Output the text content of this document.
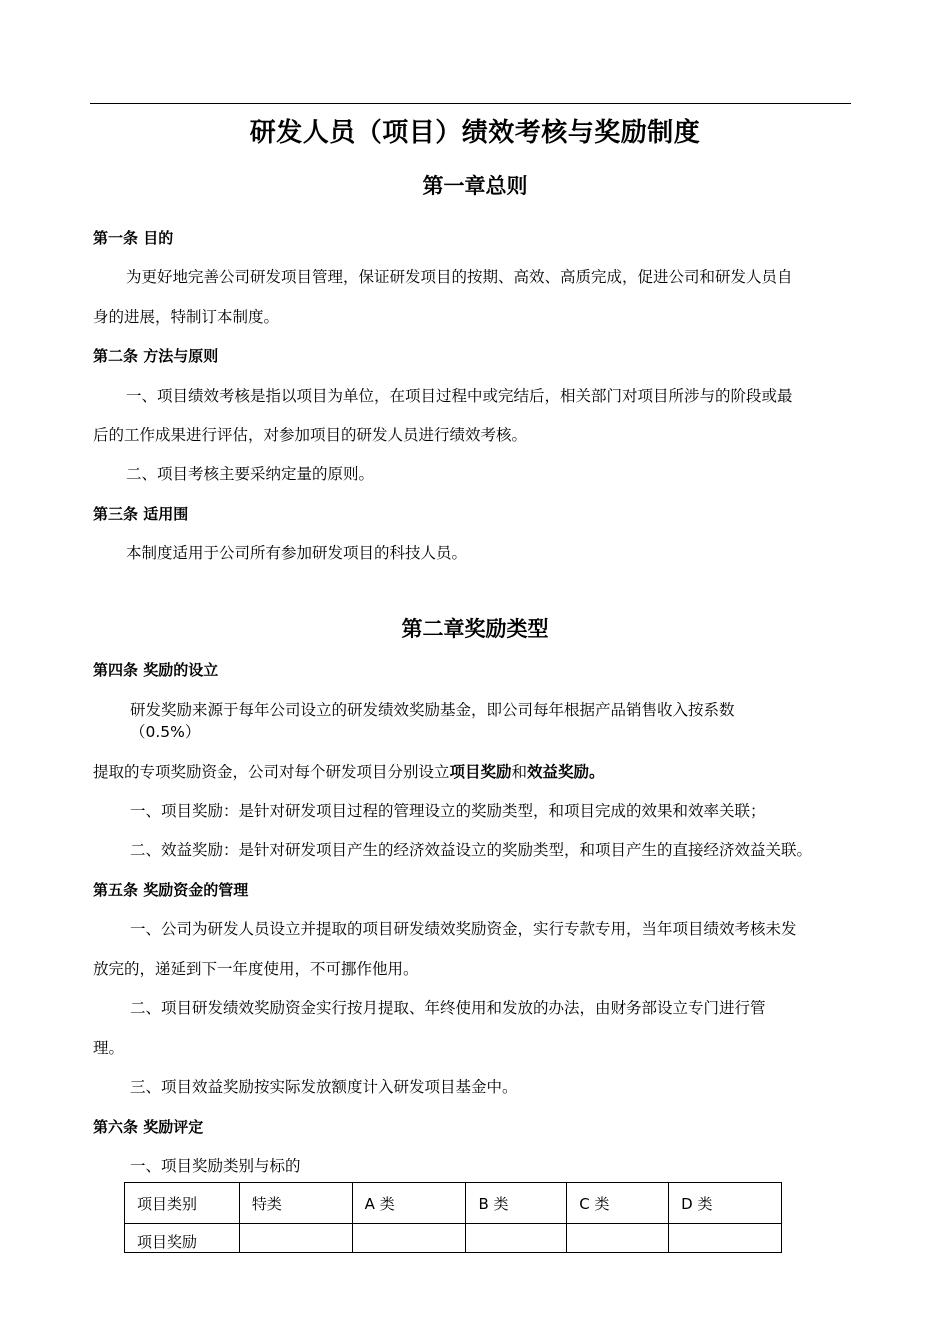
研发人员（项目）绩效考核与奖励制度
第一章总则
第一条 目的
为更好地完善公司研发项目管理，保证研发项目的按期、高效、高质完成，促进公司和研发人员自
身的进展，特制订本制度。
第二条 方法与原则
一、项目绩效考核是指以项目为单位，在项目过程中或完结后，相关部门对项目所涉与的阶段或最
后的工作成果进行评估，对参加项目的研发人员进行绩效考核。
二、项目考核主要采纳定量的原则。
第三条 适用围
本制度适用于公司所有参加研发项目的科技人员。
第二章奖励类型
第四条 奖励的设立
研发奖励来源于每年公司设立的研发绩效奖励基金，即公司每年根据产品销售收入按系数
（0.5%）
提取的专项奖励资金，公司对每个研发项目分别设立项目奖励和效益奖励。
一、项目奖励：是针对研发项目过程的管理设立的奖励类型，和项目完成的效果和效率关联；
二、效益奖励：是针对研发项目产生的经济效益设立的奖励类型，和项目产生的直接经济效益关联。
第五条 奖励资金的管理
一、公司为研发人员设立并提取的项目研发绩效奖励资金，实行专款专用，当年项目绩效考核未发
放完的，递延到下一年度使用，不可挪作他用。
二、项目研发绩效奖励资金实行按月提取、年终使用和发放的办法，由财务部设立专门进行管
理。
三、项目效益奖励按实际发放额度计入研发项目基金中。
第六条 奖励评定
一、项目奖励类别与标的
项目类别	特类	A 类	B 类	C 类	D 类
项目奖励					
